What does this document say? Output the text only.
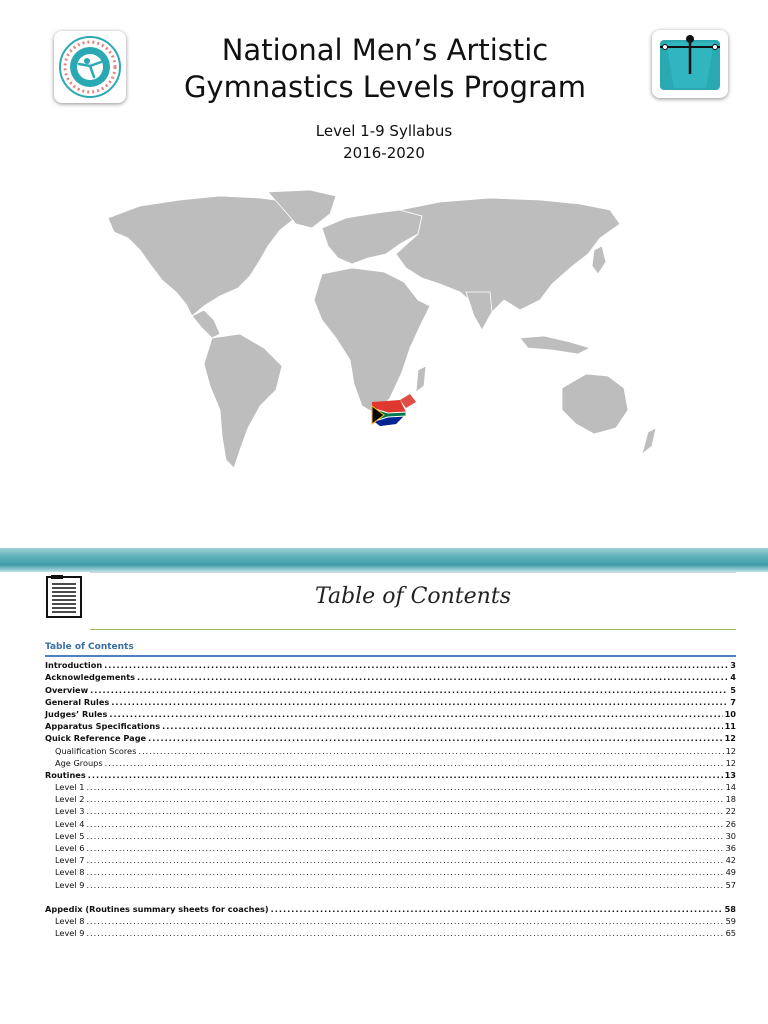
National Men’s Artistic
Gymnastics Levels Program
Level 1-9 Syllabus
2016-2020
Table of Contents
Table of Contents
Introduction .....	3
Acknowledgements .....	4
Overview .....	5
General Rules .....	7
Judges’ Rules .....	10
Apparatus Specifications .....	11
Quick Reference Page .....	12
Qualification Scores .....	12
Age Groups .....	12
Routines .....	13
Level 1 .....	14
Level 2 .....	18
Level 3 .....	22
Level 4 .....	26
Level 5 .....	30
Level 6 .....	36
Level 7 .....	42
Level 8 .....	49
Level 9 .....	57
Appedix (Routines summary sheets for coaches) .....	58
Level 8 .....	59
Level 9 .....	65
